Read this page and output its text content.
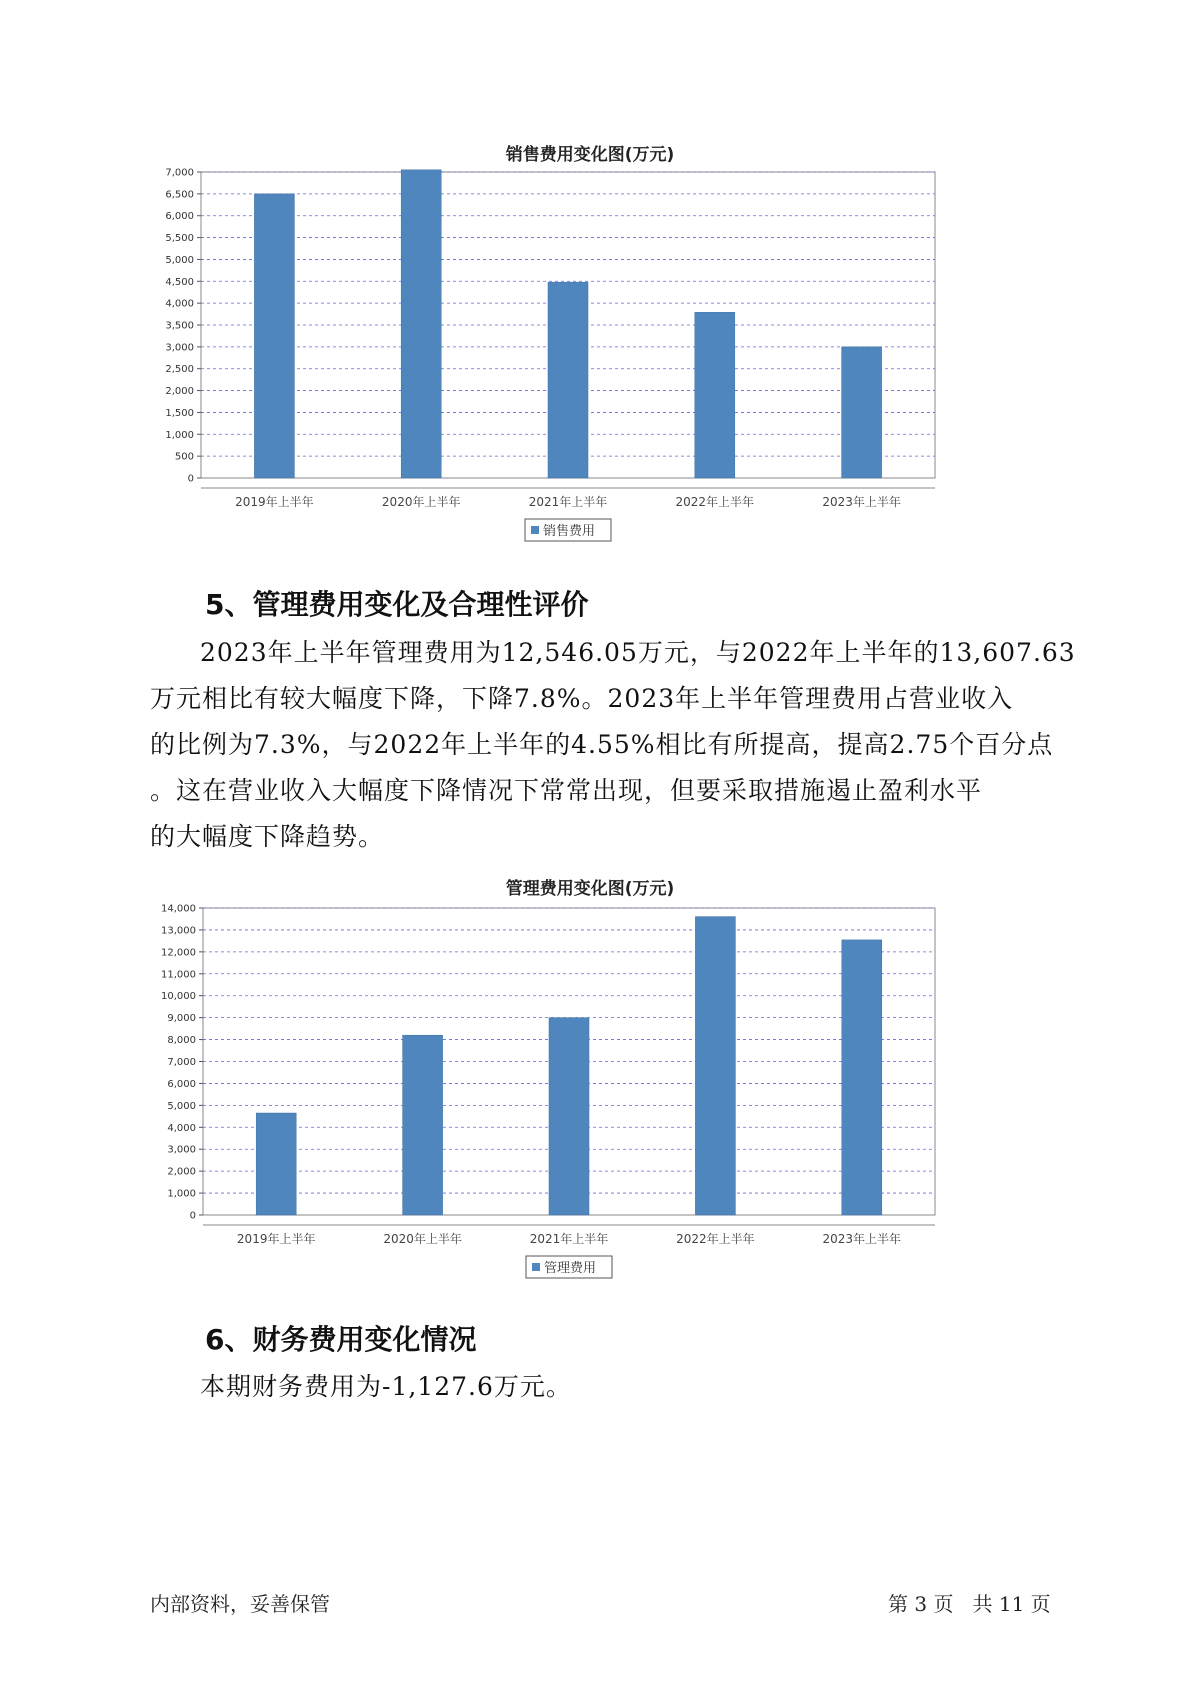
销售费用变化图(万元)
0
500
1,000
1,500
2,000
2,500
3,000
3,500
4,000
4,500
5,000
5,500
6,000
6,500
7,000
2019年上半年	2020年上半年	2021年上半年	2022年上半年	2023年上半年
销售费用
5、管理费用变化及合理性评价
2023年上半年管理费用为12,546.05万元，与2022年上半年的13,607.63
万元相比有较大幅度下降，下降7.8%。2023年上半年管理费用占营业收入
的比例为7.3%，与2022年上半年的4.55%相比有所提高，提高2.75个百分点
。这在营业收入大幅度下降情况下常常出现，但要采取措施遏止盈利水平
的大幅度下降趋势。
管理费用变化图(万元)
0
1,000
2,000
3,000
4,000
5,000
6,000
7,000
8,000
9,000
10,000
11,000
12,000
13,000
14,000
2019年上半年	2020年上半年	2021年上半年	2022年上半年	2023年上半年
管理费用
6、财务费用变化情况
本期财务费用为-1,127.6万元。
内部资料，妥善保管	第 3 页   共 11 页
